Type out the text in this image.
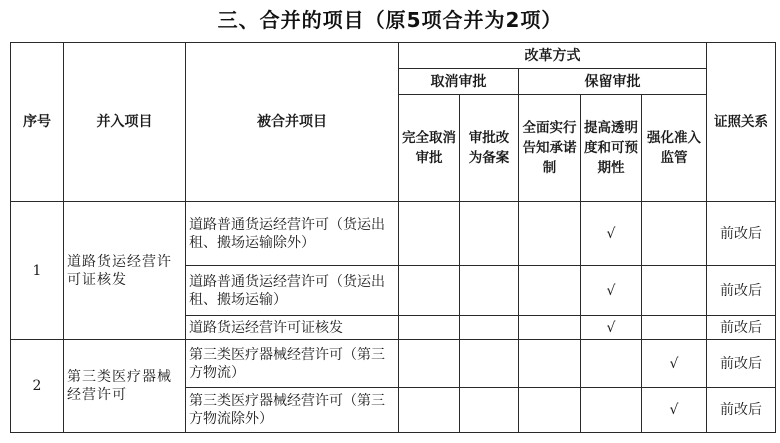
三、合并的项目（原5项合并为2项）
序号	并入项目	被合并项目	改革方式					证照关系
			取消审批		保留审批			
			完全取消审批	审批改为备案	全面实行告知承诺制	提高透明度和可预期性	强化准入监管	
1	道路货运经营许可证核发	道路普通货运经营许可（货运出租、搬场运输除外）				√		前改后
		道路普通货运经营许可（货运出租、搬场运输）				√		前改后
		道路货运经营许可证核发				√		前改后
2	第三类医疗器械经营许可	第三类医疗器械经营许可（第三方物流）					√	前改后
		第三类医疗器械经营许可（第三方物流除外）					√	前改后
